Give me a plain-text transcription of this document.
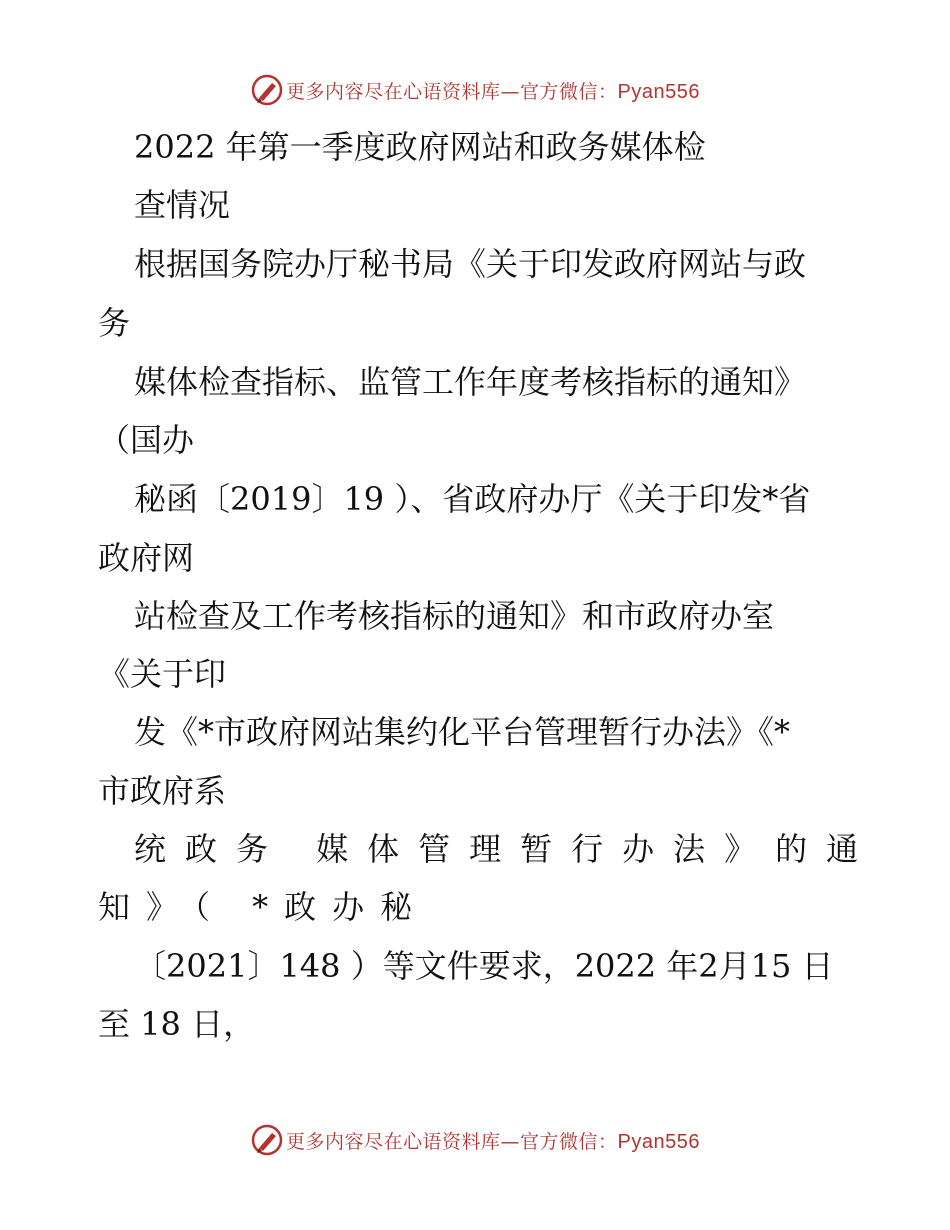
更多内容尽在心语资料库—官方微信：Pyan556
2022 年第一季度政府网站和政务媒体检
查情况
根据国务院办厅秘书局《关于印发政府网站与政
务
媒体检查指标、监管工作年度考核指标的通知》
（国办
秘函〔2019〕19 ）、省政府办厅《关于印发*省
政府网
站检查及工作考核指标的通知》和市政府办室
《关于印
发《*市政府网站集约化平台管理暂行办法》《*
市政府系
统政务 媒体管理暂行办法》的通
知》（ *政办秘
〔2021〕148 ）等文件要求，2022 年2月15 日
至 18 日，
更多内容尽在心语资料库—官方微信：Pyan556
